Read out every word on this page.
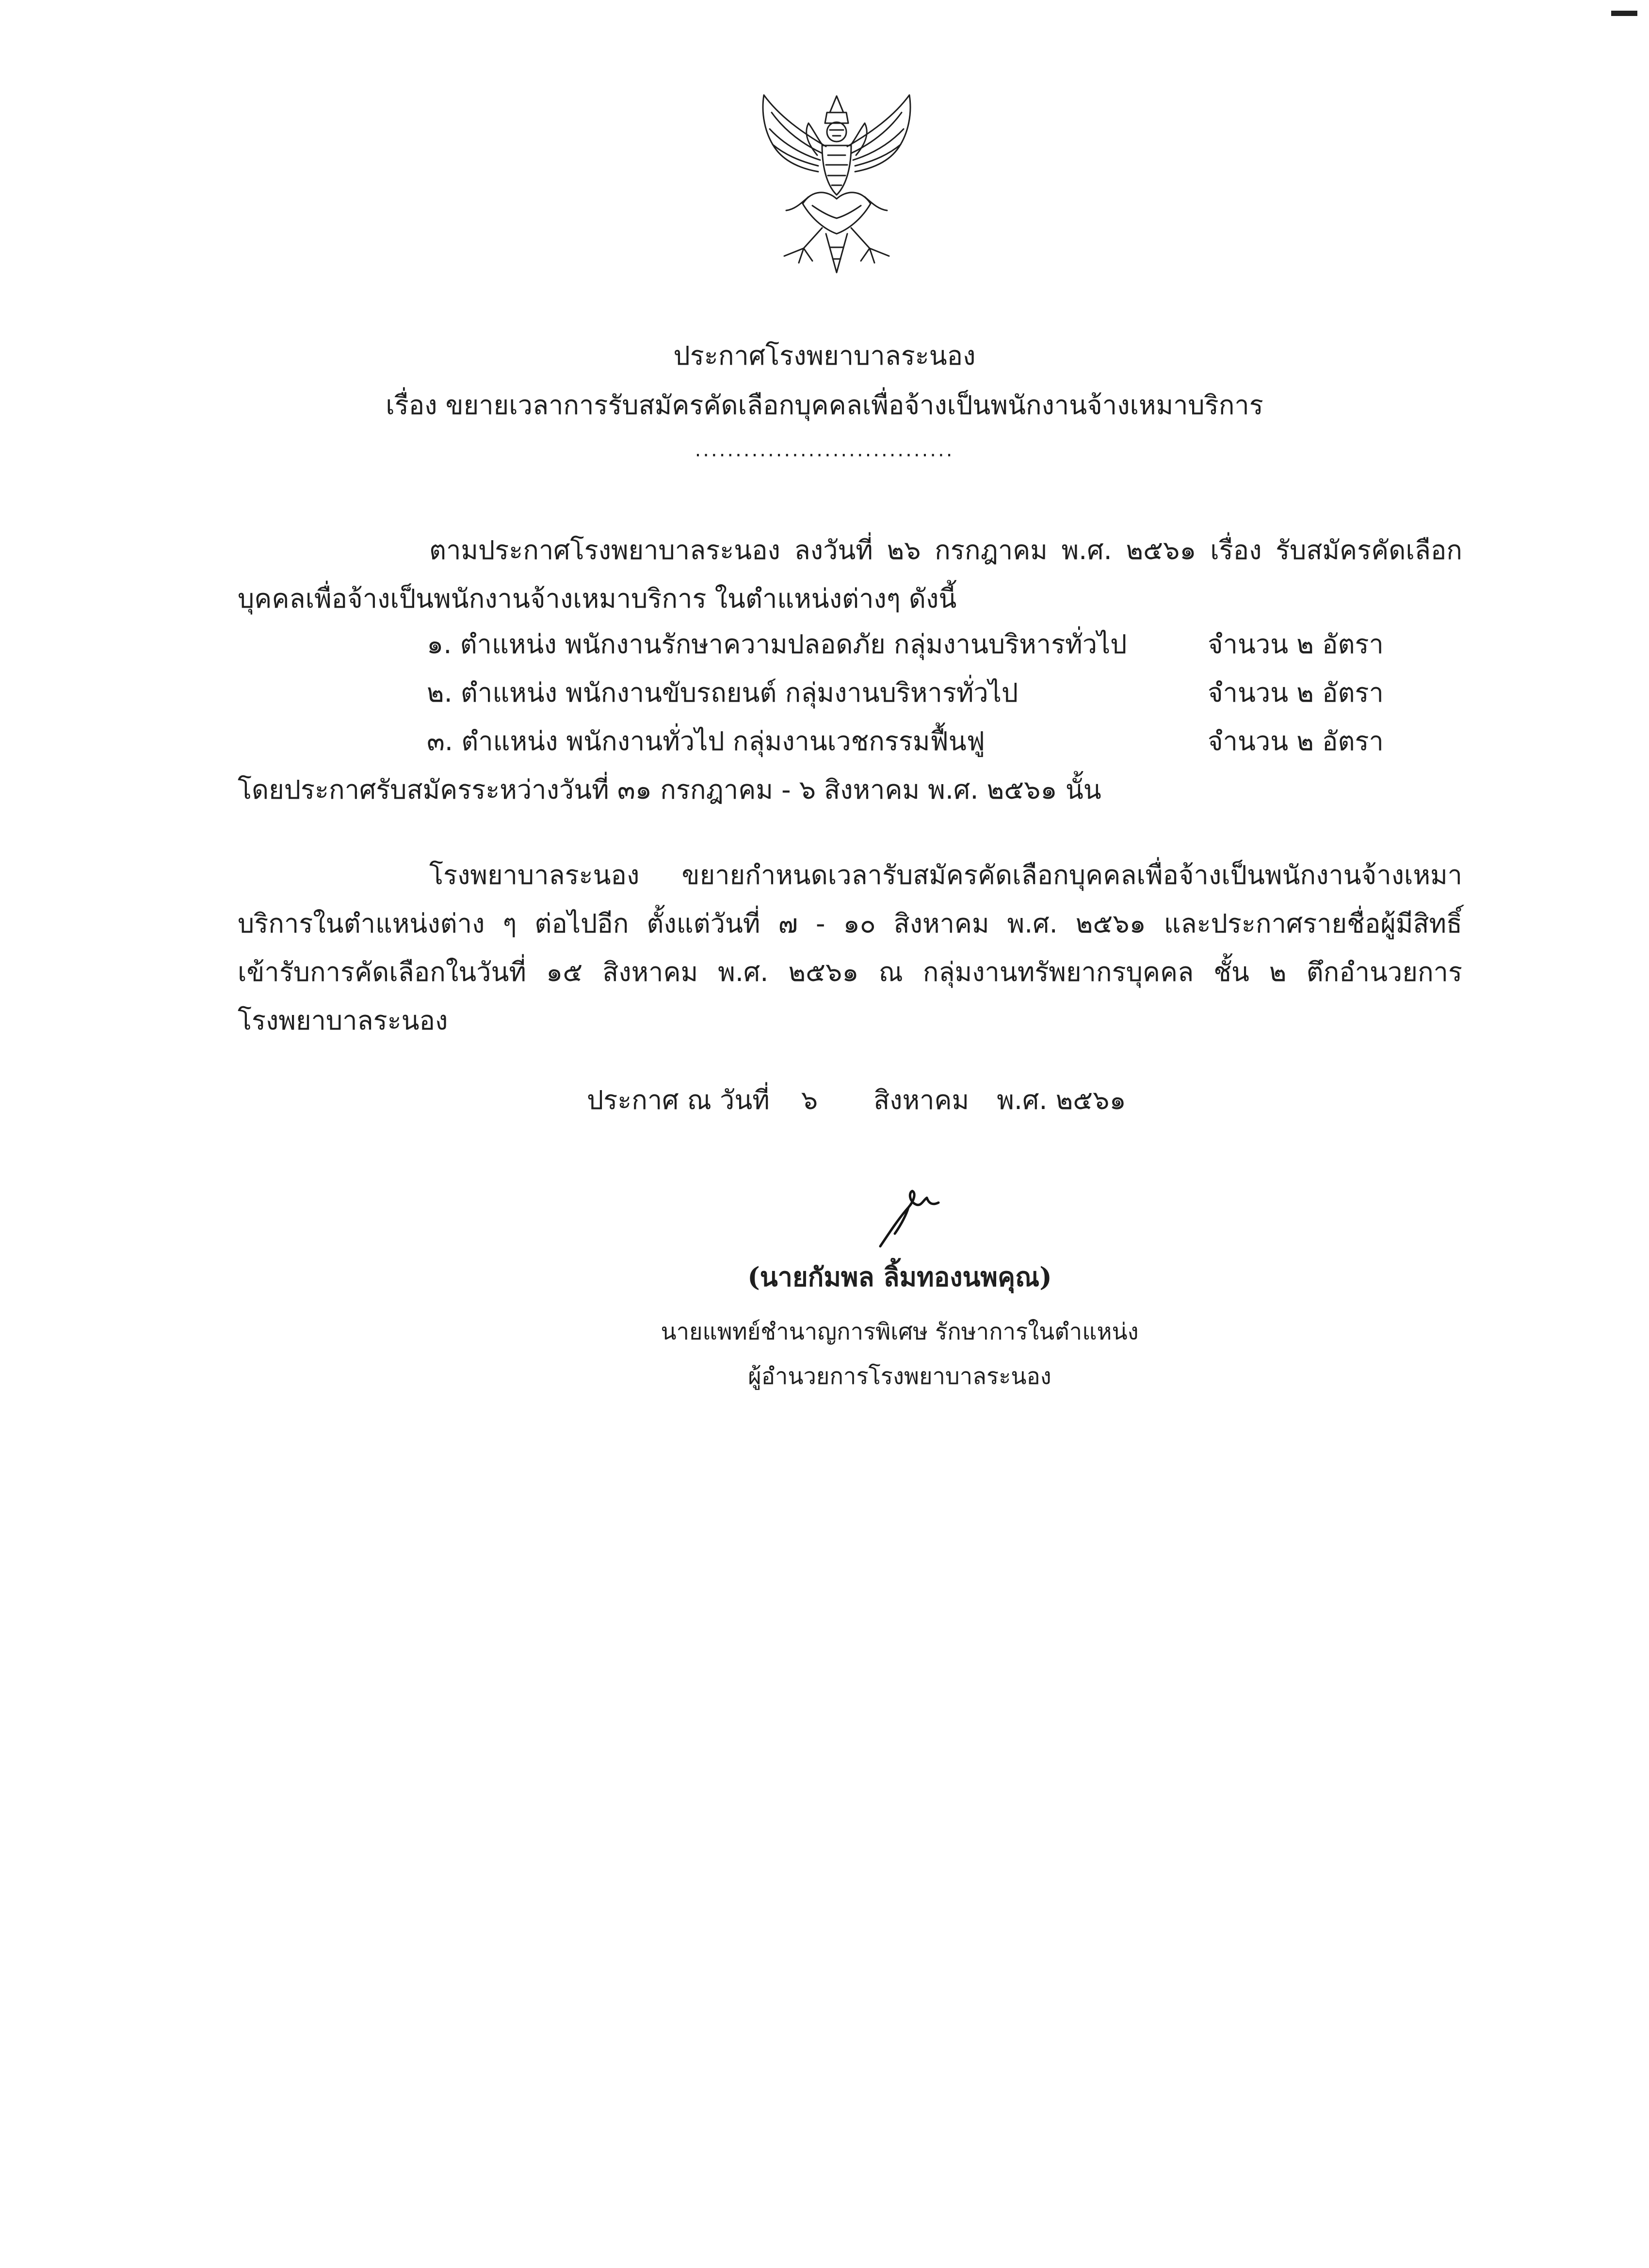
ประกาศโรงพยาบาลระนอง
เรื่อง ขยายเวลาการรับสมัครคัดเลือกบุคคลเพื่อจ้างเป็นพนักงานจ้างเหมาบริการ
................................
ตามประกาศโรงพยาบาลระนอง ลงวันที่ ๒๖ กรกฎาคม พ.ศ. ๒๕๖๑ เรื่อง รับสมัครคัดเลือก
บุคคลเพื่อจ้างเป็นพนักงานจ้างเหมาบริการ ในตำแหน่งต่างๆ ดังนี้
๑. ตำแหน่ง พนักงานรักษาความปลอดภัย กลุ่มงานบริหารทั่วไป	จำนวน ๒ อัตรา
๒. ตำแหน่ง พนักงานขับรถยนต์ กลุ่มงานบริหารทั่วไป	จำนวน ๒ อัตรา
๓. ตำแหน่ง พนักงานทั่วไป กลุ่มงานเวชกรรมฟื้นฟู	จำนวน ๒ อัตรา
โดยประกาศรับสมัครระหว่างวันที่ ๓๑ กรกฎาคม - ๖ สิงหาคม พ.ศ. ๒๕๖๑ นั้น
โรงพยาบาลระนอง ขยายกำหนดเวลารับสมัครคัดเลือกบุคคลเพื่อจ้างเป็นพนักงานจ้างเหมา
บริการในตำแหน่งต่าง ๆ ต่อไปอีก ตั้งแต่วันที่ ๗ - ๑๐ สิงหาคม พ.ศ. ๒๕๖๑ และประกาศรายชื่อผู้มีสิทธิ์
เข้ารับการคัดเลือกในวันที่ ๑๕ สิงหาคม พ.ศ. ๒๕๖๑ ณ กลุ่มงานทรัพยากรบุคคล ชั้น ๒ ตึกอำนวยการ
โรงพยาบาลระนอง
ประกาศ ณ วันที่ ๖ สิงหาคม พ.ศ. ๒๕๖๑
(นายกัมพล ลิ้มทองนพคุณ)
นายแพทย์ชำนาญการพิเศษ รักษาการในตำแหน่ง
ผู้อำนวยการโรงพยาบาลระนอง
